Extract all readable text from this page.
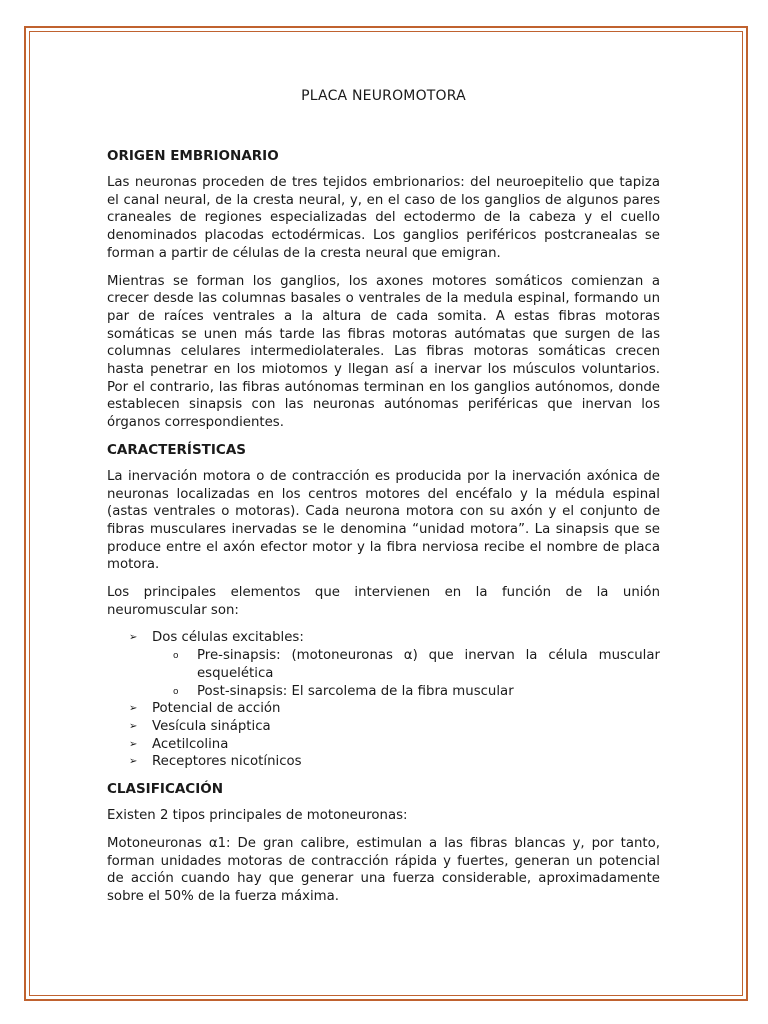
PLACA NEUROMOTORA
ORIGEN EMBRIONARIO

Las neuronas proceden de tres tejidos embrionarios: del neuroepitelio que tapiza el canal neural, de la cresta neural, y, en el caso de los ganglios de algunos pares craneales de regiones especializadas del ectodermo de la cabeza y el cuello denominados placodas ectodérmicas. Los ganglios periféricos postcranealas se forman a partir de células de la cresta neural que emigran.

Mientras se forman los ganglios, los axones motores somáticos comienzan a crecer desde las columnas basales o ventrales de la medula espinal, formando un par de raíces ventrales a la altura de cada somita. A estas fibras motoras somáticas se unen más tarde las fibras motoras autómatas que surgen de las columnas celulares intermediolaterales. Las fibras motoras somáticas crecen hasta penetrar en los miotomos y llegan así a inervar los músculos voluntarios. Por el contrario, las fibras autónomas terminan en los ganglios autónomos, donde establecen sinapsis con las neuronas autónomas periféricas que inervan los órganos correspondientes.

CARACTERÍSTICAS

La inervación motora o de contracción es producida por la inervación axónica de neuronas localizadas en los centros motores del encéfalo y la médula espinal (astas ventrales o motoras). Cada neurona motora con su axón y el conjunto de fibras musculares inervadas se le denomina “unidad motora”. La sinapsis que se produce entre el axón efector motor y la fibra nerviosa recibe el nombre de placa motora.

Los principales elementos que intervienen en la función de la unión neuromuscular son:

➢ Dos células excitables:
o Pre-sinapsis: (motoneuronas α) que inervan la célula muscular esquelética
o Post-sinapsis: El sarcolema de la fibra muscular
➢ Potencial de acción
➢ Vesícula sináptica
➢ Acetilcolina
➢ Receptores nicotínicos
CLASIFICACIÓN

Existen 2 tipos principales de motoneuronas:

Motoneuronas α1: De gran calibre, estimulan a las fibras blancas y, por tanto, forman unidades motoras de contracción rápida y fuertes, generan un potencial de acción cuando hay que generar una fuerza considerable, aproximadamente sobre el 50% de la fuerza máxima.
